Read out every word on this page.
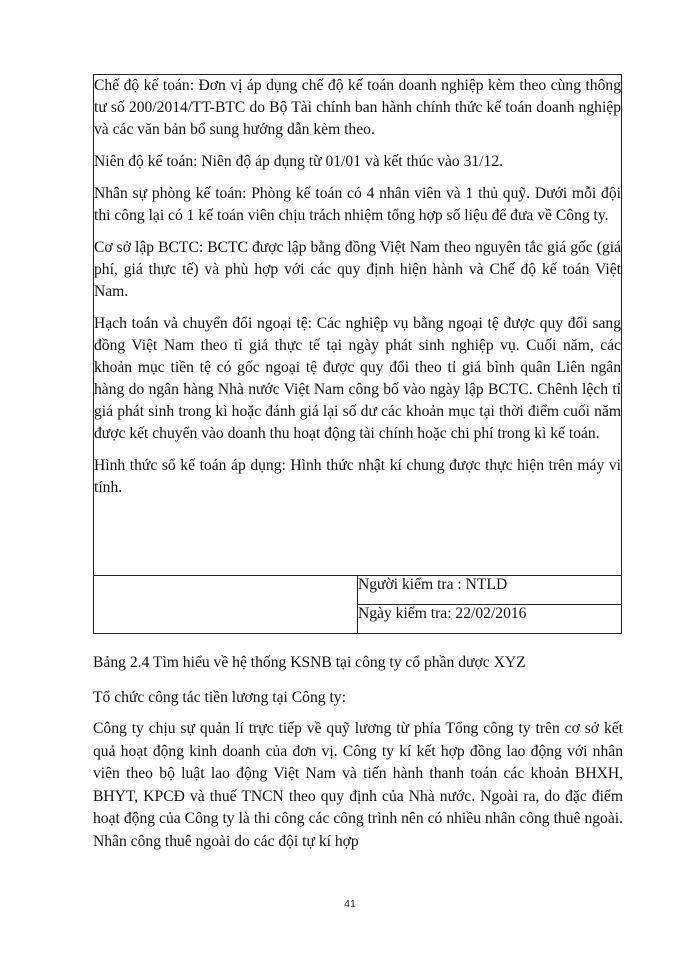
Chế độ kế toán: Đơn vị áp dụng chế độ kế toán doanh nghiệp kèm theo cùng thông tư số 200/2014/TT-BTC do Bộ Tài chính ban hành chính thức kế toán doanh nghiệp và các văn bản bổ sung hướng dẫn kèm theo.

Niên độ kế toán: Niên độ áp dụng từ 01/01 và kết thúc vào 31/12.

Nhân sự phòng kế toán: Phòng kế toán có 4 nhân viên và 1 thủ quỹ. Dưới mỗi đội thi công lại có 1 kế toán viên chịu trách nhiệm tổng hợp số liệu để đưa về Công ty.

Cơ sở lập BCTC: BCTC được lập bằng đồng Việt Nam theo nguyên tắc giá gốc (giá phí, giá thực tế) và phù hợp với các quy định hiện hành và Chế độ kế toán Việt Nam.

Hạch toán và chuyển đổi ngoại tệ: Các nghiệp vụ bằng ngoại tệ được quy đổi sang đồng Việt Nam theo tỉ giá thực tế tại ngày phát sinh nghiệp vụ. Cuối năm, các khoản mục tiền tệ có gốc ngoại tệ được quy đổi theo tỉ giá bình quân Liên ngân hàng do ngân hàng Nhà nước Việt Nam công bố vào ngày lập BCTC. Chênh lệch tỉ giá phát sinh trong kì hoặc đánh giá lại số dư các khoản mục tại thời điểm cuối năm được kết chuyển vào doanh thu hoạt động tài chính hoặc chi phí trong kì kế toán.

Hình thức sổ kế toán áp dụng: Hình thức nhật kí chung được thực hiện trên máy vi tính.

	Người kiểm tra : NTLD
Ngày kiểm tra: 22/02/2016
Bảng 2.4 Tìm hiểu về hệ thống KSNB tại công ty cổ phần dược XYZ
Tổ chức công tác tiền lương tại Công ty:

Công ty chịu sự quản lí trực tiếp về quỹ lương từ phía Tổng công ty trên cơ sở kết quả hoạt động kinh doanh của đơn vị. Công ty kí kết hợp đồng lao động với nhân viên theo bộ luật lao động Việt Nam và tiến hành thanh toán các khoản BHXH, BHYT, KPCĐ và thuế TNCN theo quy định của Nhà nước. Ngoài ra, do đặc điểm hoạt động của Công ty là thi công các công trình nên có nhiều nhân công thuê ngoài. Nhân công thuê ngoài do các đội tự kí hợp

41
